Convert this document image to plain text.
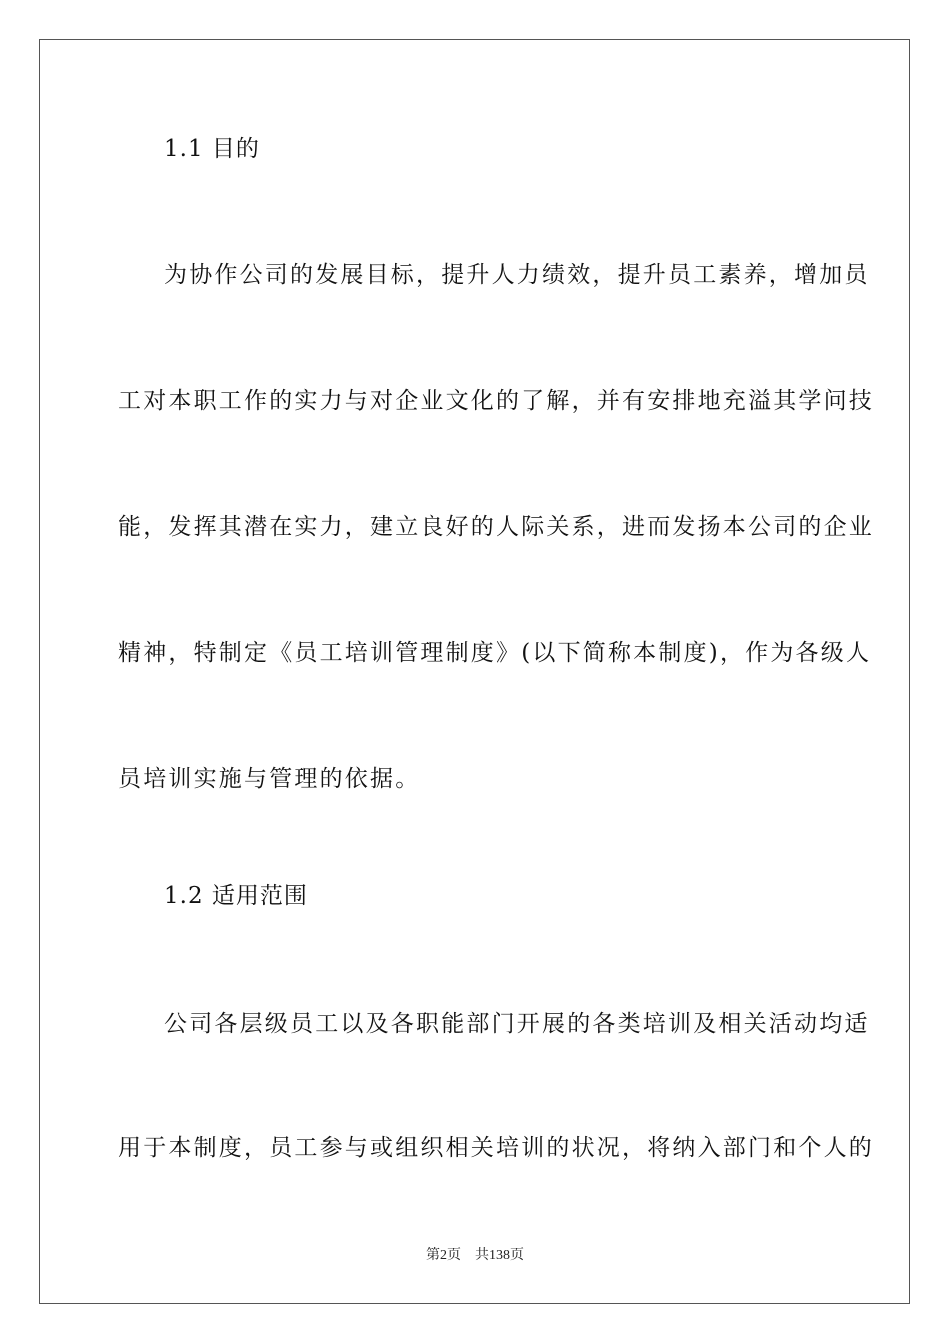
1.1 目的
为协作公司的发展目标，提升人力绩效，提升员工素养，增加员
工对本职工作的实力与对企业文化的了解，并有安排地充溢其学问技
能，发挥其潜在实力，建立良好的人际关系，进而发扬本公司的企业
精神，特制定《员工培训管理制度》(以下简称本制度)，作为各级人
员培训实施与管理的依据。
1.2 适用范围
公司各层级员工以及各职能部门开展的各类培训及相关活动均适
用于本制度，员工参与或组织相关培训的状况，将纳入部门和个人的
第2页 共138页
